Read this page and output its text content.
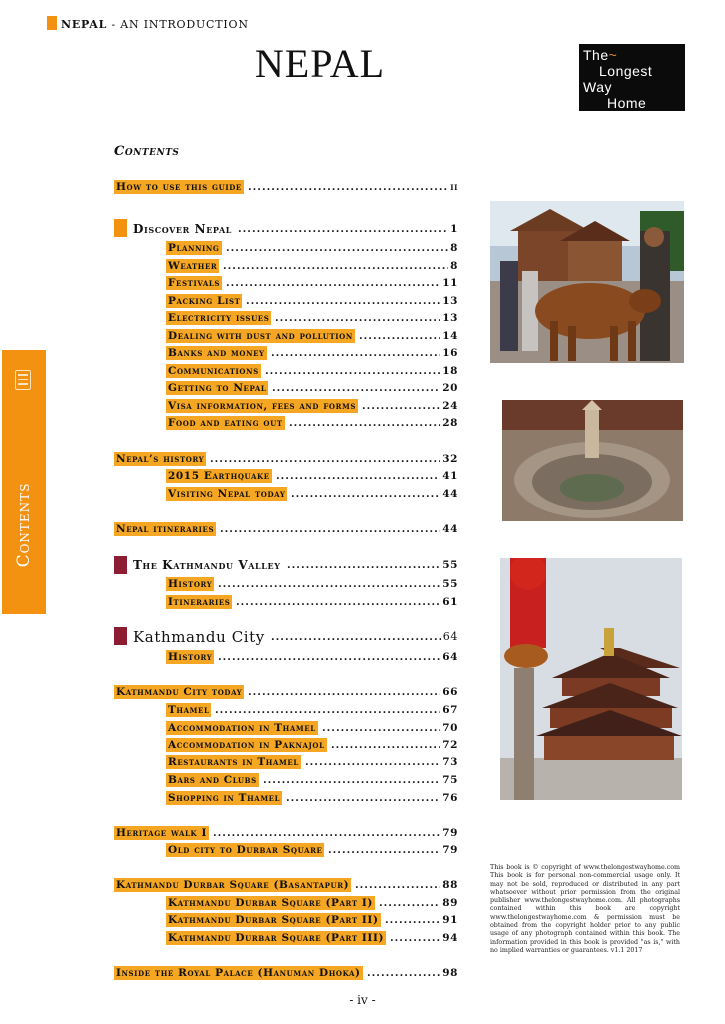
NEPAL - AN INTRODUCTION
NEPAL	The~
Longest
Way
Home
Contents
Contents
How to use this guide .....	ii
Discover Nepal .....	1
Planning .....	8
Weather .....	8
Festivals .....	11
Packing List .....	13
Electricity issues .....	13
Dealing with dust and pollution .....	14
Banks and money .....	16
Communications .....	18
Getting to Nepal .....	20
Visa information, fees and forms .....	24
Food and eating out .....	28
Nepal’s history .....	32
2015 Earthquake .....	41
Visiting Nepal today .....	44
Nepal itineraries .....	44
The Kathmandu Valley .....	55
History .....	55
Itineraries .....	61
Kathmandu City .....	64
History .....	64
Kathmandu City today .....	66
Thamel .....	67
Accommodation in Thamel .....	70
Accommodation in Paknajol .....	72
Restaurants in Thamel .....	73
Bars and Clubs .....	75
Shopping in Thamel .....	76
Heritage walk I .....	79
Old city to Durbar Square .....	79
Kathmandu Durbar Square (Basantapur) .....	88
Kathmandu Durbar Square (Part I) .....	89
Kathmandu Durbar Square (Part II) .....	91
Kathmandu Durbar Square (Part III) .....	94
Inside the Royal Palace (Hanuman Dhoka) .....	98
This book is © copyright of www.thelongestwayhome.com This book is for personal non-commercial usage only. It may not be sold, reproduced or distributed in any part whatsoever without prior permission from the original publisher www.thelongestwayhome.com. All photographs contained within this book are copyright www.thelongestwayhome.com & permission must be obtained from the copyright holder prior to any public usage of any photograph contained within this book. The information provided in this book is provided "as is," with no implied warranties or guarantees. v1.1 2017
- iv -
